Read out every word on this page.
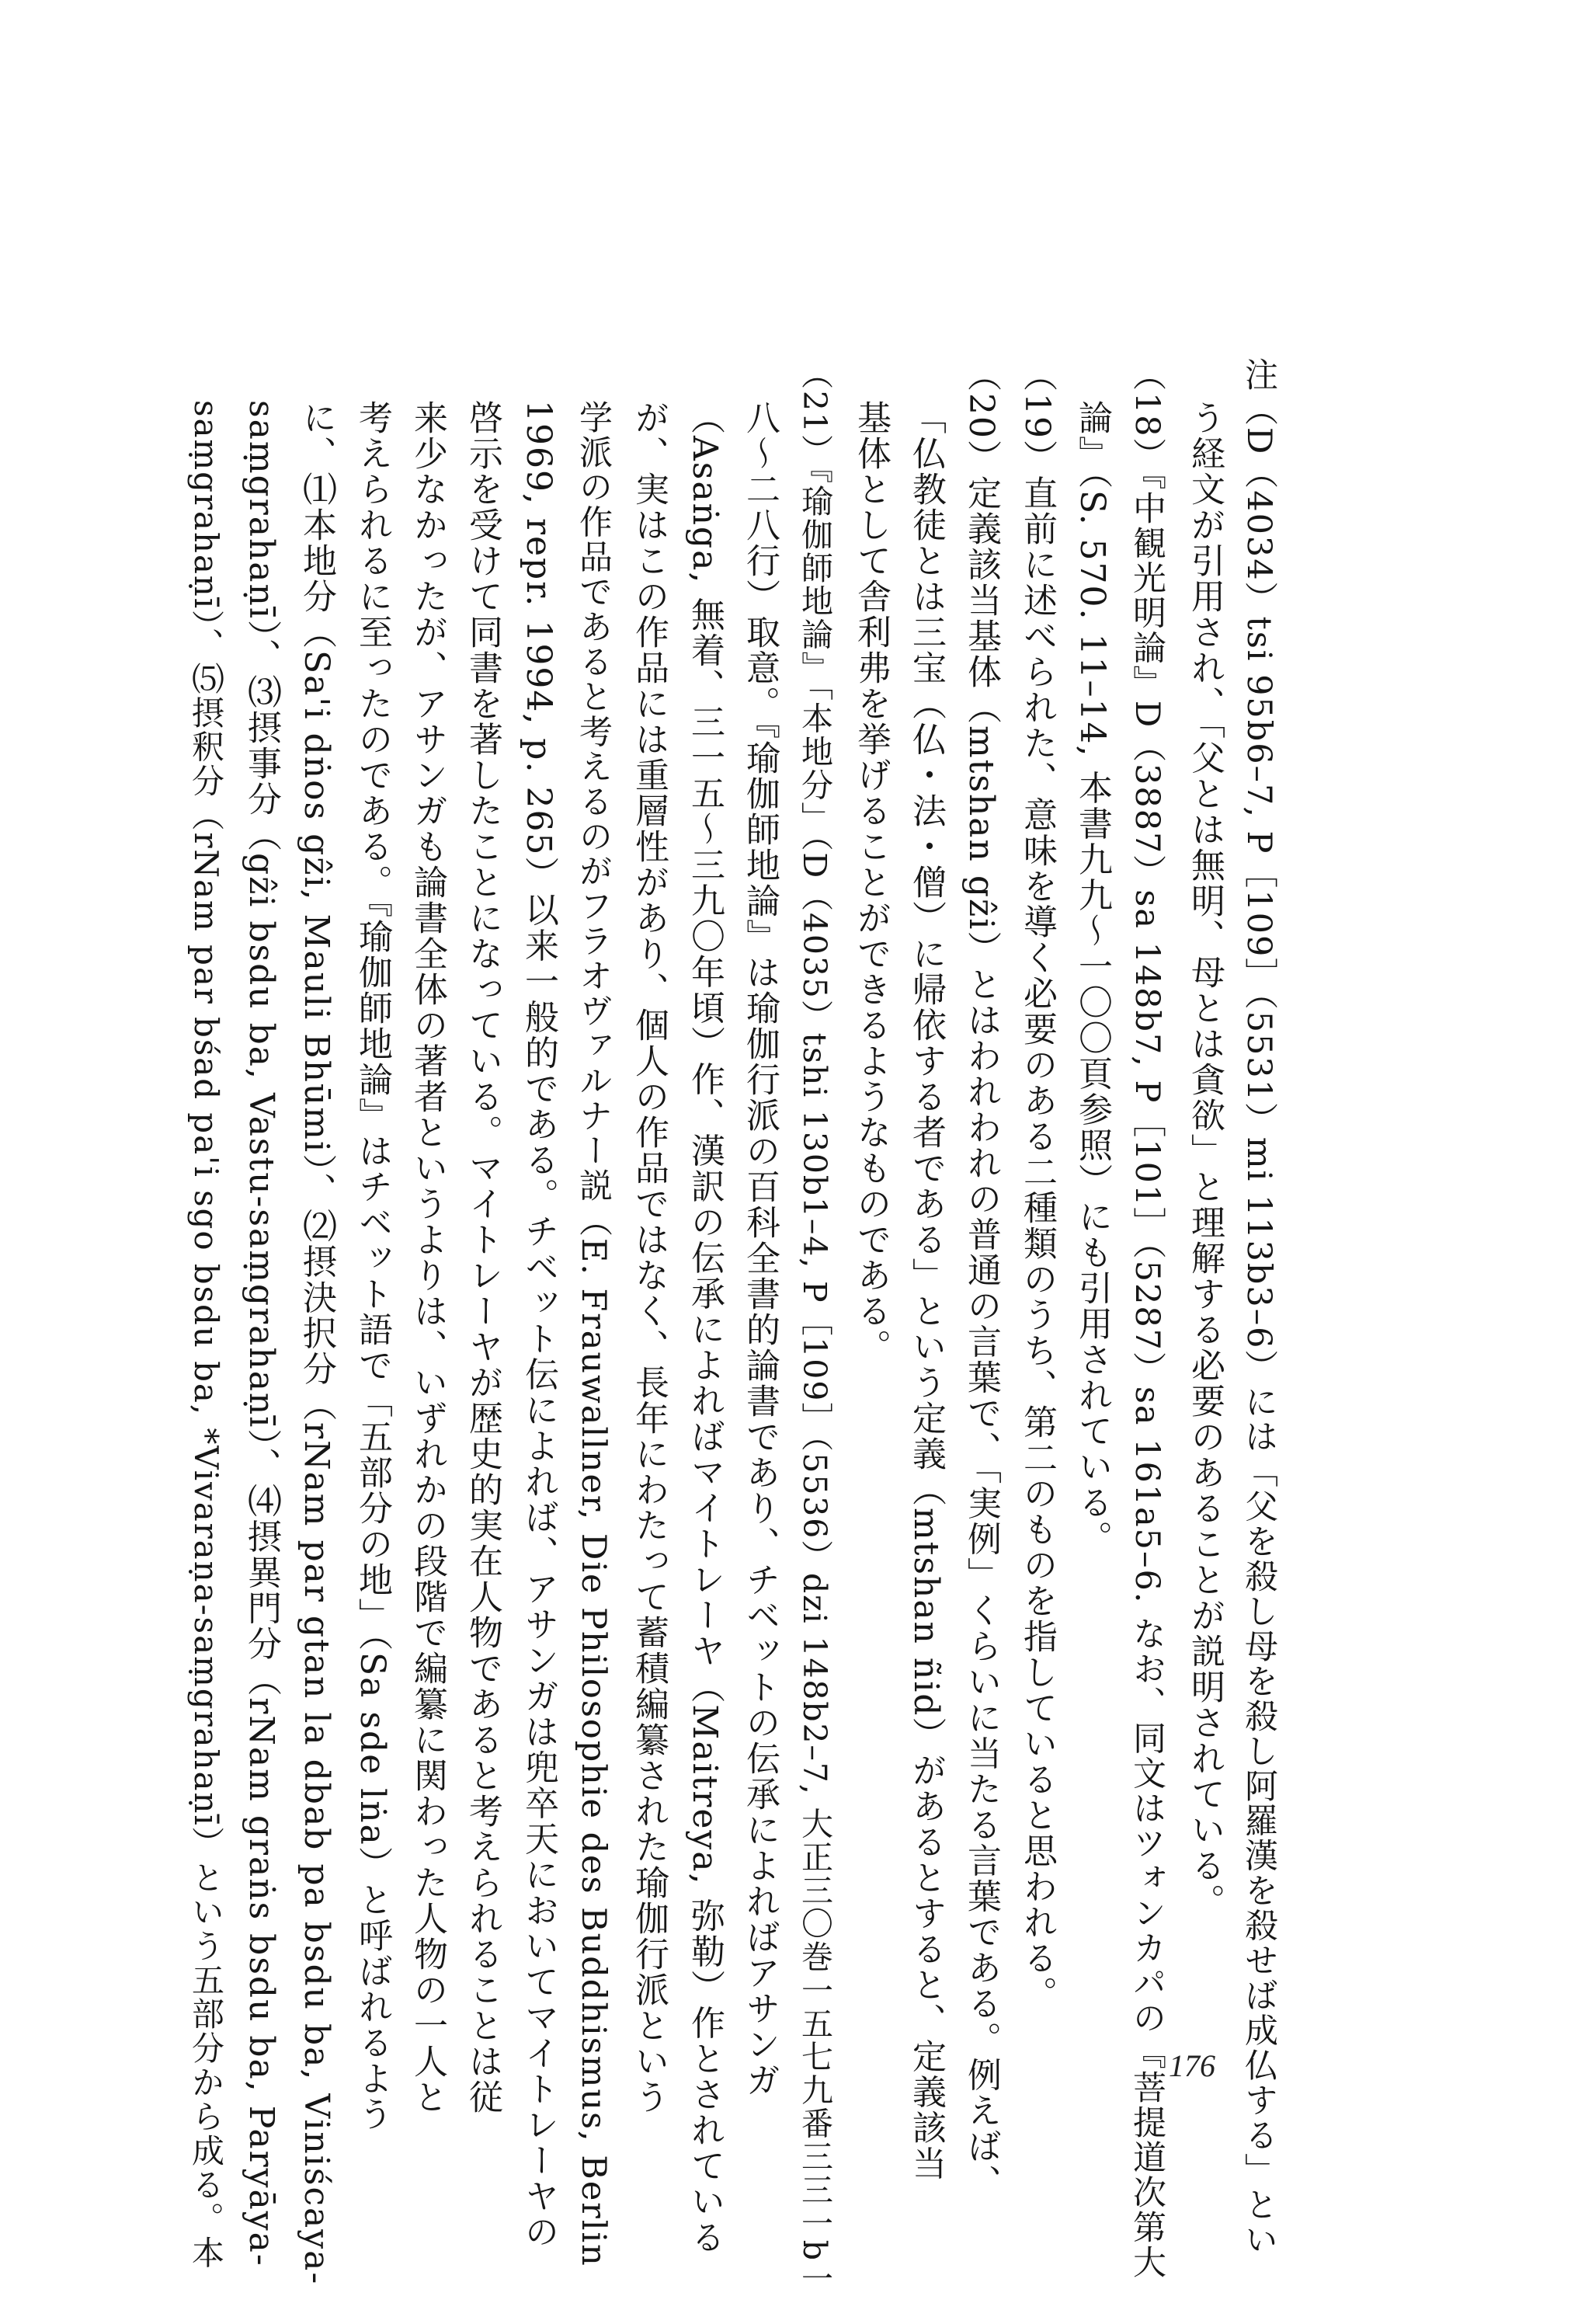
注（D（4034）tsi 95b6–7, P［109］（5531）mi 113b3–6）には「父を殺し母を殺し阿羅漢を殺せば成仏する」とい
う経文が引用され、「父とは無明、母とは貪欲」と理解する必要のあることが説明されている。
（18）『中観光明論』D（3887）sa 148b7, P［101］（5287）sa 161a5–6. なお、同文はツォンカパの『菩提道次第大
論』（S. 570. 11–14, 本書九九～一〇〇頁参照）にも引用されている。
（19）直前に述べられた、意味を導く必要のある二種類のうち、第二のものを指していると思われる。
（20）定義該当基体（mtshan gẑi）とはわれわれの普通の言葉で、「実例」くらいに当たる言葉である。例えば、
「仏教徒とは三宝（仏・法・僧）に帰依する者である」という定義（mtshan ñid）があるとすると、定義該当
基体として舎利弗を挙げることができるようなものである。
（21）『瑜伽師地論』「本地分」（D（4035）tshi 130b1–4, P［109］（5536）dzi 148b2–7, 大正三〇巻一五七九番三三一b一
八～二八行）取意。『瑜伽師地論』は瑜伽行派の百科全書的論書であり、チベットの伝承によればアサンガ
（Asaṅga, 無着、三一五～三九〇年頃）作、漢訳の伝承によればマイトレーヤ（Maitreya, 弥勒）作とされている
が、実はこの作品には重層性があり、個人の作品ではなく、長年にわたって蓄積編纂された瑜伽行派という
学派の作品であると考えるのがフラオヴァルナー説（E. Frauwallner, Die Philosophie des Buddhismus, Berlin
1969, repr. 1994, p. 265）以来一般的である。チベット伝によれば、アサンガは兜卒天においてマイトレーヤの
啓示を受けて同書を著したことになっている。マイトレーヤが歴史的実在人物であると考えられることは従
来少なかったが、アサンガも論書全体の著者というよりは、いずれかの段階で編纂に関わった人物の一人と
考えられるに至ったのである。『瑜伽師地論』はチベット語で「五部分の地」（Sa sde lṅa）と呼ばれるよう
に、⑴本地分（Sa'i dṅos gẑi, Mauli Bhūmi）、⑵摂決択分（rNam par gtan la dbab pa bsdu ba, Viniścaya-
saṃgrahaṇī）、⑶摂事分（gẑi bsdu ba, Vastu-saṃgrahaṇī）、⑷摂異門分（rNam graṅs bsdu ba, Paryāya-
saṃgrahaṇī）、⑸摂釈分（rNam par bśad pa'i sgo bsdu ba, *Vivaraṇa-saṃgrahaṇī）という五部分から成る。本	176
